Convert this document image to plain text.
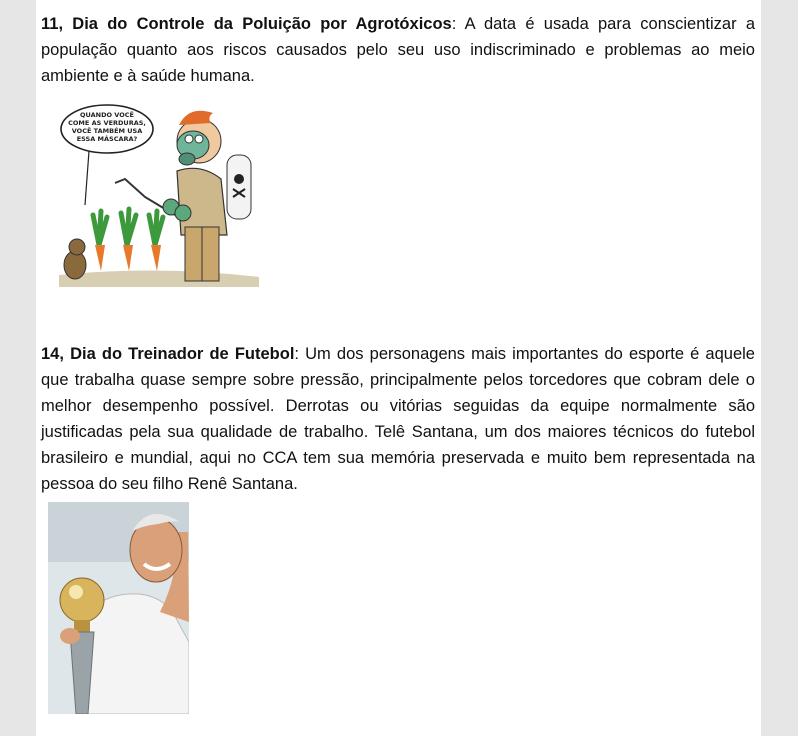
11, Dia do Controle da Poluição por Agrotóxicos: A data é usada para conscientizar a população quanto aos riscos causados pelo seu uso indiscriminado e problemas ao meio ambiente e à saúde humana.

QUANDO VOCÊ
COME AS VERDURAS,
VOCÊ TAMBÉM USA
ESSA MÁSCARA?

14, Dia do Treinador de Futebol: Um dos personagens mais importantes do esporte é aquele que trabalha quase sempre sobre pressão, principalmente pelos torcedores que cobram dele o melhor desempenho possível. Derrotas ou vitórias seguidas da equipe normalmente são justificadas pela sua qualidade de trabalho. Telê Santana, um dos maiores técnicos do futebol brasileiro e mundial, aqui no CCA tem sua memória preservada e muito bem representada na pessoa do seu filho Renê Santana.
